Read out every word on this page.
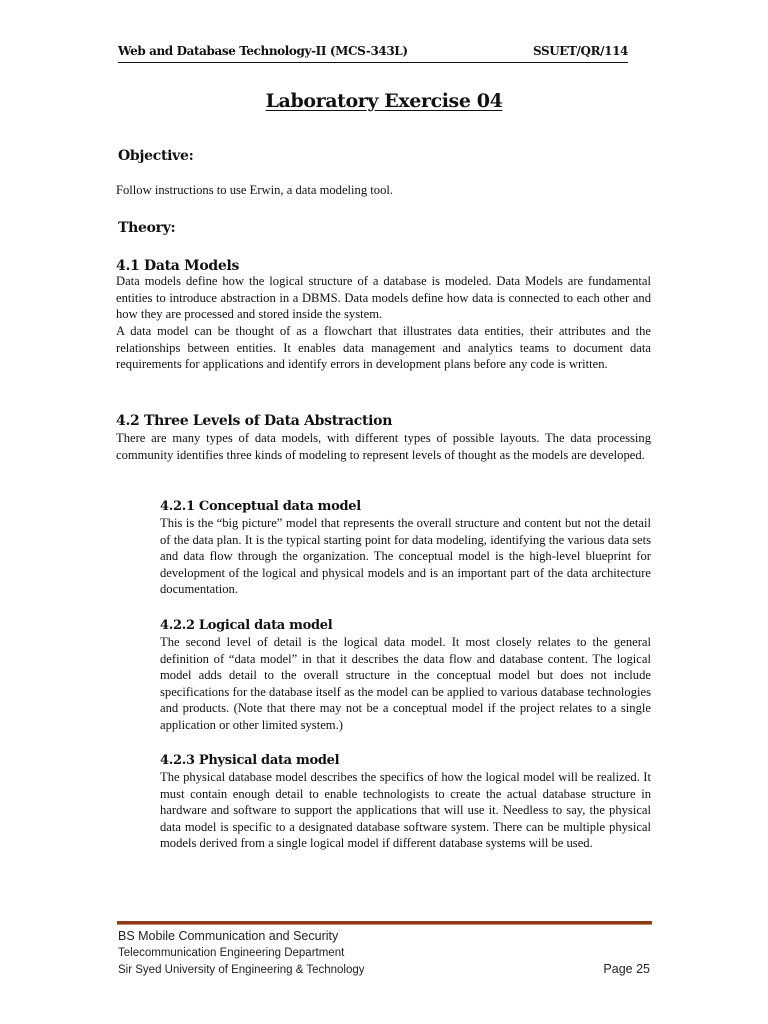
Web and Database Technology-II (MCS-343L)	SSUET/QR/114
Laboratory Exercise 04
Objective:

Follow instructions to use Erwin, a data modeling tool.

Theory:
4.1 Data Models

Data models define how the logical structure of a database is modeled. Data Models are fundamental entities to introduce abstraction in a DBMS. Data models define how data is connected to each other and how they are processed and stored inside the system.

A data model can be thought of as a flowchart that illustrates data entities, their attributes and the relationships between entities. It enables data management and analytics teams to document data requirements for applications and identify errors in development plans before any code is written.

4.2 Three Levels of Data Abstraction

There are many types of data models, with different types of possible layouts. The data processing community identifies three kinds of modeling to represent levels of thought as the models are developed.

4.2.1 Conceptual data model

This is the “big picture” model that represents the overall structure and content but not the detail of the data plan. It is the typical starting point for data modeling, identifying the various data sets and data flow through the organization. The conceptual model is the high-level blueprint for development of the logical and physical models and is an important part of the data architecture documentation.

4.2.2 Logical data model

The second level of detail is the logical data model. It most closely relates to the general definition of “data model” in that it describes the data flow and database content. The logical model adds detail to the overall structure in the conceptual model but does not include specifications for the database itself as the model can be applied to various database technologies and products. (Note that there may not be a conceptual model if the project relates to a single application or other limited system.)

4.2.3 Physical data model

The physical database model describes the specifics of how the logical model will be realized. It must contain enough detail to enable technologists to create the actual database structure in hardware and software to support the applications that will use it. Needless to say, the physical data model is specific to a designated database software system. There can be multiple physical models derived from a single logical model if different database systems will be used.

BS Mobile Communication and Security
Telecommunication Engineering Department
Sir Syed University of Engineering & Technology	Page 25
